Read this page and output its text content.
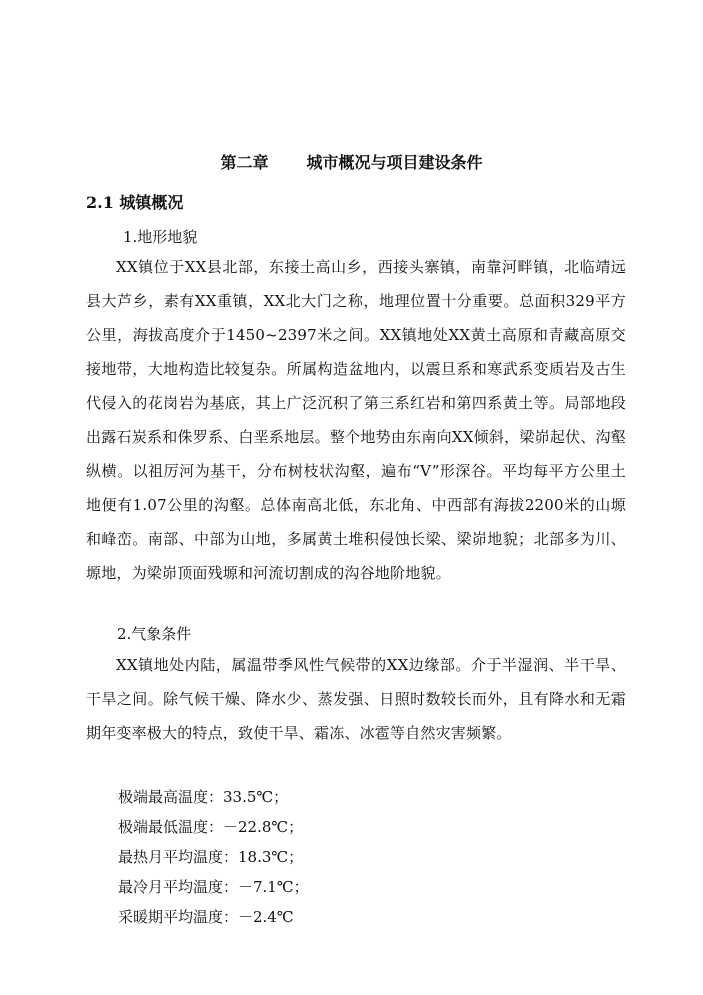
第二章 城市概况与项目建设条件
2.1 城镇概况
1.地形地貌

XX镇位于XX县北部，东接土高山乡，西接头寨镇，南靠河畔镇，北临靖远县大芦乡，素有XX重镇，XX北大门之称，地理位置十分重要。总面积329平方公里，海拔高度介于1450~2397米之间。XX镇地处XX黄土高原和青藏高原交接地带，大地构造比较复杂。所属构造盆地内，以震旦系和寒武系变质岩及古生代侵入的花岗岩为基底，其上广泛沉积了第三系红岩和第四系黄土等。局部地段出露石炭系和侏罗系、白垩系地层。整个地势由东南向XX倾斜，梁峁起伏、沟壑纵横。以祖厉河为基干，分布树枝状沟壑，遍布“V”形深谷。平均每平方公里土地便有1.07公里的沟壑。总体南高北低，东北角、中西部有海拔2200米的山塬和峰峦。南部、中部为山地，多属黄土堆积侵蚀长梁、梁峁地貌；北部多为川、塬地，为梁峁顶面残塬和河流切割成的沟谷地阶地貌。

2.气象条件

XX镇地处内陆，属温带季风性气候带的XX边缘部。介于半湿润、半干旱、干旱之间。除气候干燥、降水少、蒸发强、日照时数较长而外，且有降水和无霜期年变率极大的特点，致使干旱、霜冻、冰雹等自然灾害频繁。

极端最高温度：33.5℃；
极端最低温度：－22.8℃；
最热月平均温度：18.3℃；
最冷月平均温度：－7.1℃；
采暖期平均温度：－2.4℃
